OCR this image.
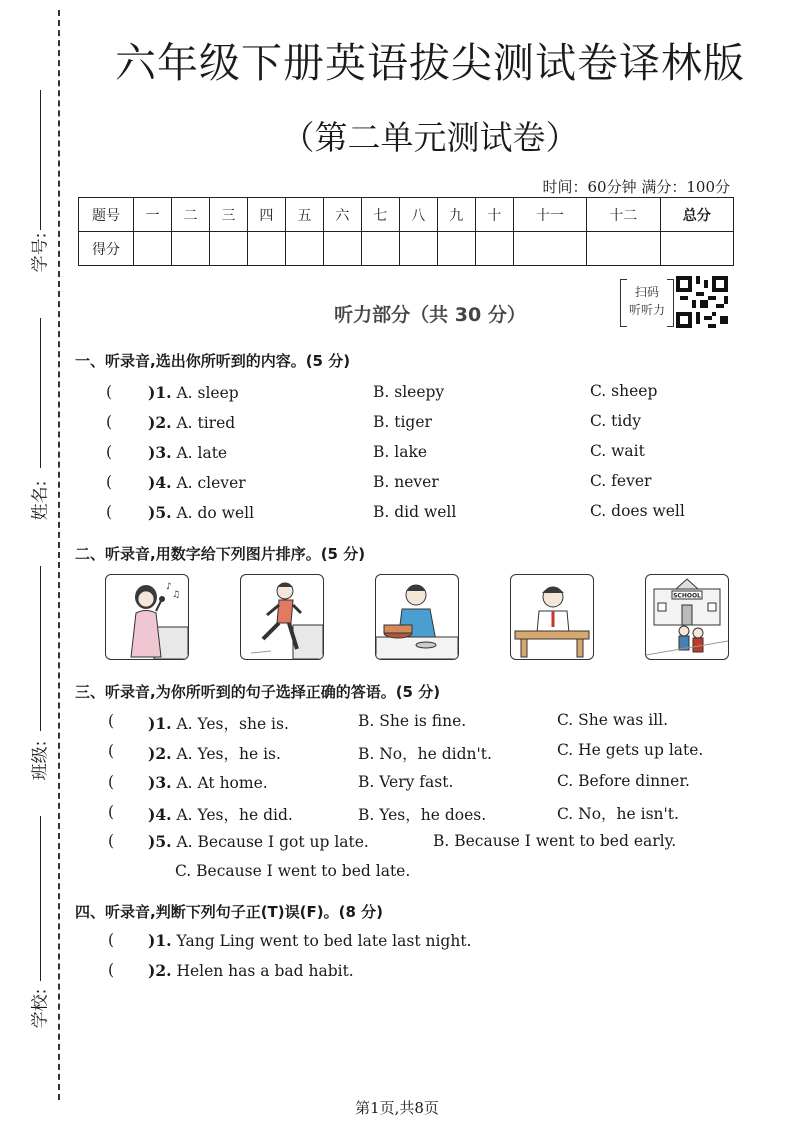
学号:
姓名:
班级:
学校:
六年级下册英语拔尖测试卷译林版
（第二单元测试卷）
时间：60分钟 满分：100分
题号	一	二	三	四	五	六	七	八	九	十	十一	十二	总分
得分													
听力部分（共 30 分）
扫码
听听力
一、听录音,选出你所听到的内容。(5 分)
(	)1. A. sleep	B. sleepy	C. sheep
(	)2. A. tired	B. tiger	C. tidy
(	)3. A. late	B. lake	C. wait
(	)4. A. clever	B. never	C. fever
(	)5. A. do well	B. did well	C. does well
二、听录音,用数字给下列图片排序。(5 分)
♪
♫	SCHOOL
三、听录音,为你所听到的句子选择正确的答语。(5 分)
(	)1. A. Yes，she is.	B. She is fine.	C. She was ill.
(	)2. A. Yes，he is.	B. No，he didn't.	C. He gets up late.
(	)3. A. At home.	B. Very fast.	C. Before dinner.
(	)4. A. Yes，he did.	B. Yes，he does.	C. No，he isn't.
(	)5. A. Because I got up late.	B. Because I went to bed early.
C. Because I went to bed late.
四、听录音,判断下列句子正(T)误(F)。(8 分)
(	)1. Yang Ling went to bed late last night.
(	)2. Helen has a bad habit.
第1页,共8页
